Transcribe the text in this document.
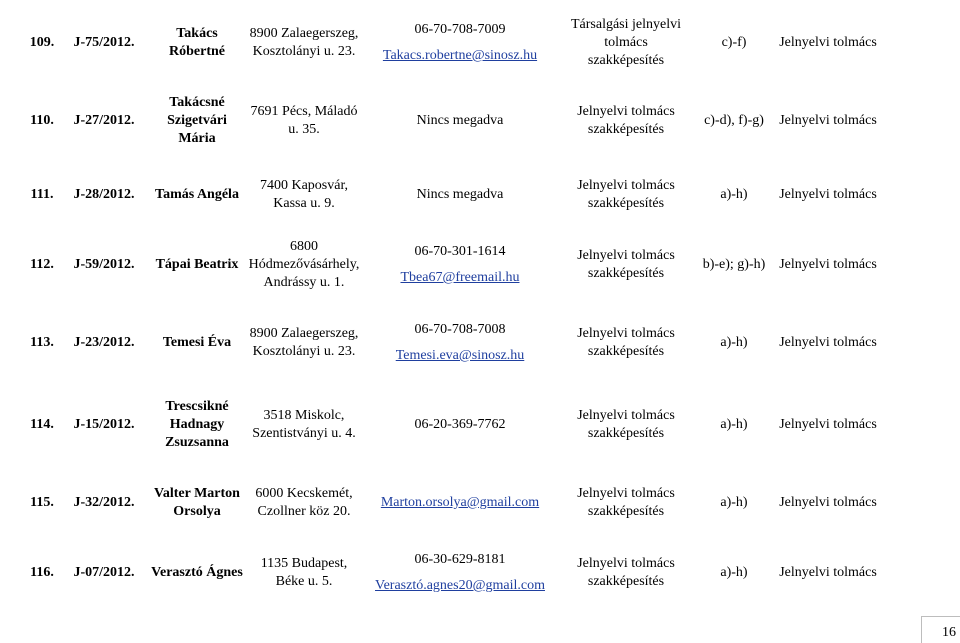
109. J-75/2012.
Takács
Róbertné
8900 Zalaegerszeg,
Kosztolányi u. 23.
06-70-708-7009
Takacs.robertne@sinosz.hu
Társalgási jelnyelvi
tolmács
szakképesítés
c)-f) Jelnyelvi tolmács
110. J-27/2012.
Takácsné
Szigetvári
Mária
7691 Pécs, Máladó
u. 35.
Nincs megadva
Jelnyelvi tolmács
szakképesítés
c)-d), f)-g) Jelnyelvi tolmács
111. J-28/2012. Tamás Angéla
7400 Kaposvár,
Kassa u. 9.
Nincs megadva
Jelnyelvi tolmács
szakképesítés
a)-h) Jelnyelvi tolmács
112. J-59/2012. Tápai Beatrix
6800
Hódmezővásárhely,
Andrássy u. 1.
06-70-301-1614
Tbea67@freemail.hu
Jelnyelvi tolmács
szakképesítés
b)-e); g)-h) Jelnyelvi tolmács
113. J-23/2012. Temesi Éva
8900 Zalaegerszeg,
Kosztolányi u. 23.
06-70-708-7008
Temesi.eva@sinosz.hu
Jelnyelvi tolmács
szakképesítés
a)-h) Jelnyelvi tolmács
114. J-15/2012.
Trescsikné
Hadnagy
Zsuzsanna
3518 Miskolc,
Szentistványi u. 4.
06-20-369-7762
Jelnyelvi tolmács
szakképesítés
a)-h) Jelnyelvi tolmács
115. J-32/2012.
Valter Marton
Orsolya
6000 Kecskemét,
Czollner köz 20.
Marton.orsolya@gmail.com
Jelnyelvi tolmács
szakképesítés
a)-h) Jelnyelvi tolmács
116. J-07/2012. Verasztó Ágnes
1135 Budapest,
Béke u. 5.
06-30-629-8181
Verasztó.agnes20@gmail.com
Jelnyelvi tolmács
szakképesítés
a)-h) Jelnyelvi tolmács
16
